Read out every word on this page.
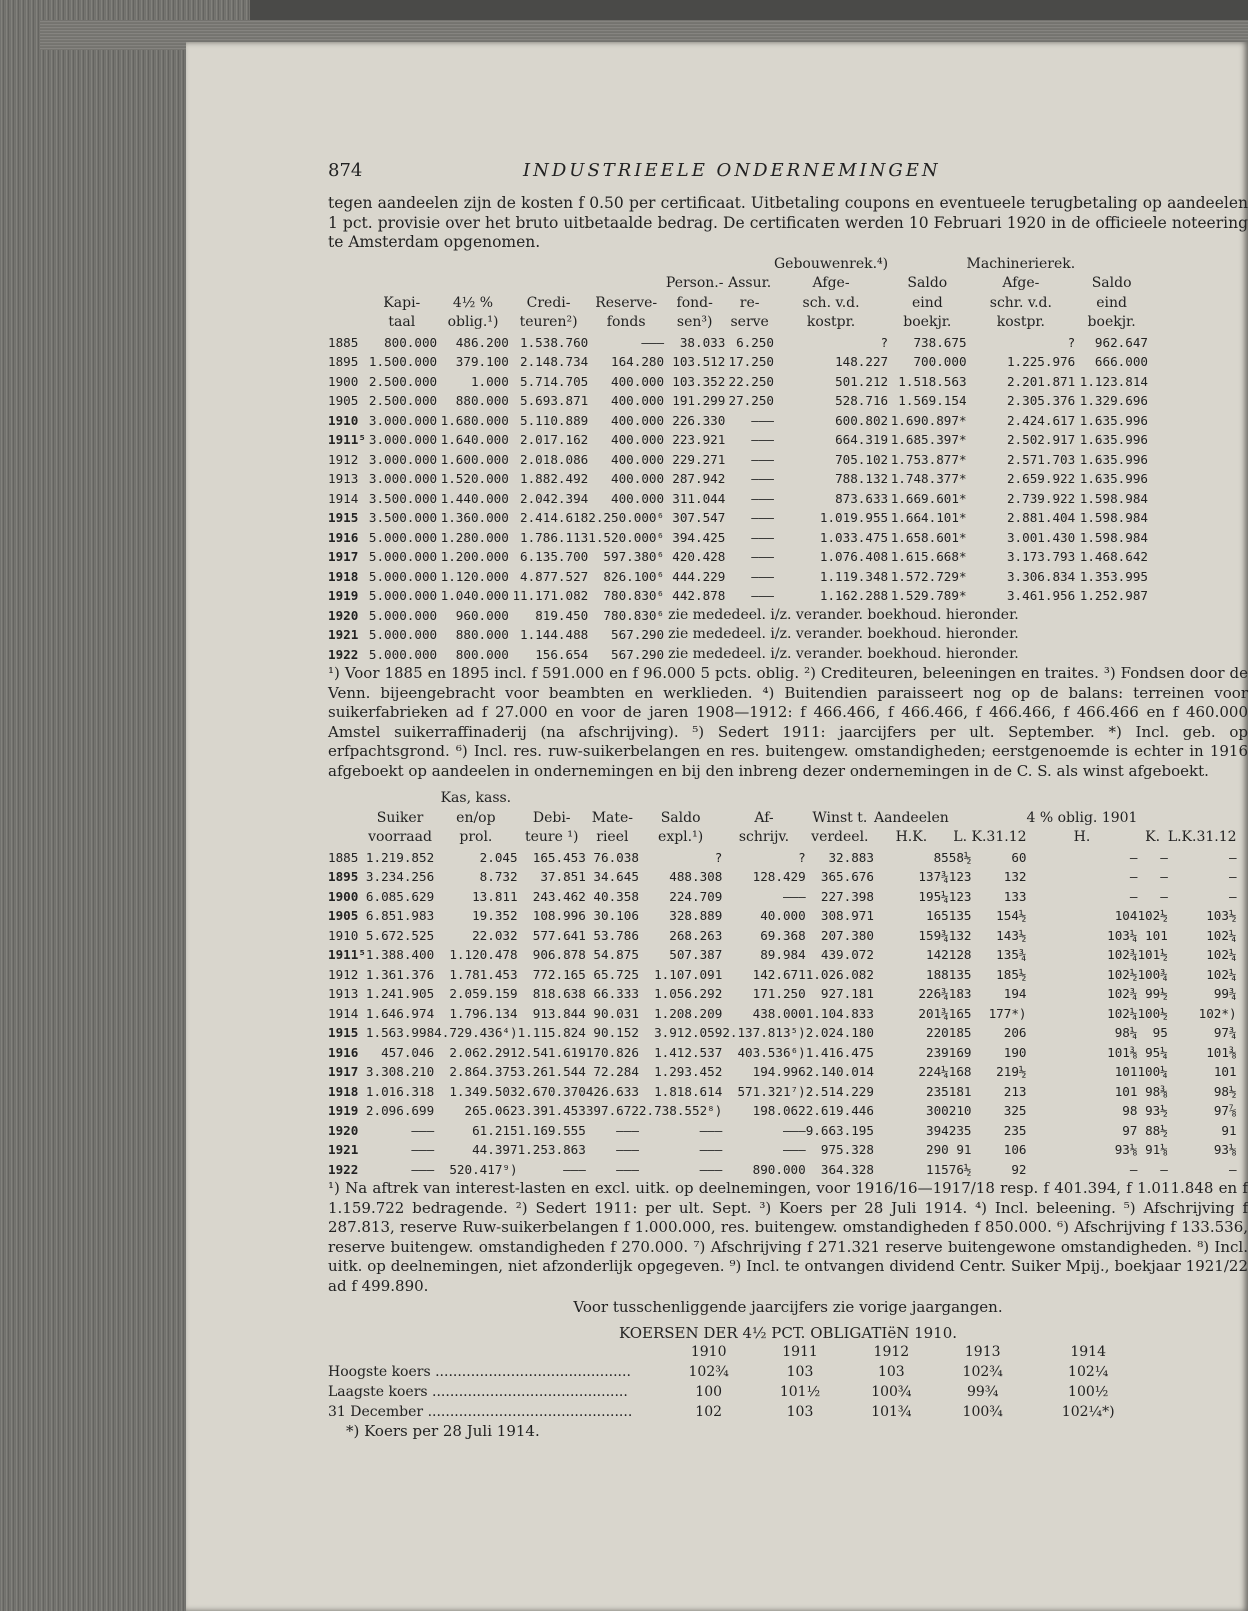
874	INDUSTRIEELE ONDERNEMINGEN

tegen aandeelen zijn de kosten f 0.50 per certificaat. Uitbetaling coupons en eventueele terugbetaling op aandeelen 1 pct. provisie over het bruto uitbetaalde bedrag. De certificaten werden 10 Februari 1920 in de officieele noteering te Amsterdam opgenomen.

							Gebouwenrek.⁴)		Machinerierek.	
					Person.-	Assur.	Afge-	Saldo	Afge-	Saldo
	Kapi-	4½ %	Credi-	Reserve-	fond-	re-	sch. v.d.	eind	schr. v.d.	eind
	taal	oblig.¹)	teuren²)	fonds	sen³)	serve	kostpr.	boekjr.	kostpr.	boekjr.
1885	800.000	486.200	1.538.760	———	38.033	6.250	?	738.675	?	962.647
1895	1.500.000	379.100	2.148.734	164.280	103.512	17.250	148.227	700.000	1.225.976	666.000
1900	2.500.000	1.000	5.714.705	400.000	103.352	22.250	501.212	1.518.563	2.201.871	1.123.814
1905	2.500.000	880.000	5.693.871	400.000	191.299	27.250	528.716	1.569.154	2.305.376	1.329.696
1910	3.000.000	1.680.000	5.110.889	400.000	226.330	———	600.802	1.690.897*	2.424.617	1.635.996
1911⁵	3.000.000	1.640.000	2.017.162	400.000	223.921	———	664.319	1.685.397*	2.502.917	1.635.996
1912	3.000.000	1.600.000	2.018.086	400.000	229.271	———	705.102	1.753.877*	2.571.703	1.635.996
1913	3.000.000	1.520.000	1.882.492	400.000	287.942	———	788.132	1.748.377*	2.659.922	1.635.996
1914	3.500.000	1.440.000	2.042.394	400.000	311.044	———	873.633	1.669.601*	2.739.922	1.598.984
1915	3.500.000	1.360.000	2.414.618	2.250.000⁶	307.547	———	1.019.955	1.664.101*	2.881.404	1.598.984
1916	5.000.000	1.280.000	1.786.113	1.520.000⁶	394.425	———	1.033.475	1.658.601*	3.001.430	1.598.984
1917	5.000.000	1.200.000	6.135.700	597.380⁶	420.428	———	1.076.408	1.615.668*	3.173.793	1.468.642
1918	5.000.000	1.120.000	4.877.527	826.100⁶	444.229	———	1.119.348	1.572.729*	3.306.834	1.353.995
1919	5.000.000	1.040.000	11.171.082	780.830⁶	442.878	———	1.162.288	1.529.789*	3.461.956	1.252.987
1920	5.000.000	960.000	819.450	780.830⁶	zie mededeel. i/z. verander. boekhoud. hieronder.					
1921	5.000.000	880.000	1.144.488	567.290	zie mededeel. i/z. verander. boekhoud. hieronder.					
1922	5.000.000	800.000	156.654	567.290	zie mededeel. i/z. verander. boekhoud. hieronder.					

¹) Voor 1885 en 1895 incl. f 591.000 en f 96.000 5 pcts. oblig. ²) Crediteuren, beleeningen en traites. ³) Fondsen door de Venn. bijeengebracht voor beambten en werklieden. ⁴) Buitendien paraisseert nog op de balans: terreinen voor suikerfabrieken ad f 27.000 en voor de jaren 1908—1912: f 466.466, f 466.466, f 466.466, f 466.466 en f 460.000 Amstel suikerraffinaderij (na afschrijving). ⁵) Sedert 1911: jaarcijfers per ult. September. *) Incl. geb. op erfpachtsgrond. ⁶) Incl. res. ruw-suikerbelangen en res. buitengew. omstandigheden; eerstgenoemde is echter in 1916 afgeboekt op aandeelen in ondernemingen en bij den inbreng dezer ondernemingen in de C. S. als winst afgeboekt.

		Kas, kass.											
	Suiker	en/op	Debi-	Mate-	Saldo	Af-	Winst t.	Aandeelen			4 % oblig. 1901		
	voorraad	prol.	teure ¹)	rieel	expl.¹)	schrijv.	verdeel.	H.K.	L.	K.31.12	H.	K.	L.K.31.12
1885	1.219.852	2.045	165.453	76.038	?	?	32.883	85	58½	60	—	—	—
1895	3.234.256	8.732	37.851	34.645	488.308	128.429	365.676	137¾	123	132	—	—	—
1900	6.085.629	13.811	243.462	40.358	224.709	———	227.398	195¼	123	133	—	—	—
1905	6.851.983	19.352	108.996	30.106	328.889	40.000	308.971	165	135	154½	104	102½	103½
1910	5.672.525	22.032	577.641	53.786	268.263	69.368	207.380	159¾	132	143½	103¼	101	102¼
1911⁵	1.388.400	1.120.478	906.878	54.875	507.387	89.984	439.072	142	128	135¾	102¾	101½	102¼
1912	1.361.376	1.781.453	772.165	65.725	1.107.091	142.671	1.026.082	188	135	185½	102½	100¾	102¼
1913	1.241.905	2.059.159	818.638	66.333	1.056.292	171.250	927.181	226¾	183	194	102¾	99½	99¾
1914	1.646.974	1.796.134	913.844	90.031	1.208.209	438.000	1.104.833	201¾	165	177*)	102¼	100½	102*)
1915	1.563.998	4.729.436⁴)	1.115.824	90.152	3.912.059	2.137.813⁵)	2.024.180	220	185	206	98¼	95	97¾
1916	457.046	2.062.291	2.541.619	170.826	1.412.537	403.536⁶)	1.416.475	239	169	190	101⅜	95¼	101⅜
1917	3.308.210	2.864.375	3.261.544	72.284	1.293.452	194.996	2.140.014	224¼	168	219½	101	100¼	101
1918	1.016.318	1.349.503	2.670.370	426.633	1.818.614	571.321⁷)	2.514.229	235	181	213	101	98⅜	98½
1919	2.096.699	265.062	3.391.453	397.672	2.738.552⁸)	198.062	2.619.446	300	210	325	98	93½	97⅞
1920	———	61.215	1.169.555	———	———	———	9.663.195	394	235	235	97	88½	91
1921	———	44.397	1.253.863	———	———	———	975.328	290	91	106	93⅛	91⅛	93⅛
1922	———	520.417⁹)	———	———	———	890.000	364.328	115	76½	92	—	—	—

¹) Na aftrek van interest-lasten en excl. uitk. op deelnemingen, voor 1916/16—1917/18 resp. f 401.394, f 1.011.848 en f 1.159.722 bedragende. ²) Sedert 1911: per ult. Sept. ³) Koers per 28 Juli 1914. ⁴) Incl. beleening. ⁵) Afschrijving f 287.813, reserve Ruw-suikerbelangen f 1.000.000, res. buitengew. omstandigheden f 850.000. ⁶) Afschrijving f 133.536, reserve buitengew. omstandigheden f 270.000. ⁷) Afschrijving f 271.321 reserve buitengewone omstandigheden. ⁸) Incl. uitk. op deelnemingen, niet afzonderlijk opgegeven. ⁹) Incl. te ontvangen dividend Centr. Suiker Mpij., boekjaar 1921/22 ad f 499.890.

Voor tusschenliggende jaarcijfers zie vorige jaargangen.

KOERSEN DER 4½ PCT. OBLIGATIëN 1910.

	1910	1911	1912	1913	1914
Hoogste koers ............................................	102¾	103	103	102¾	102¼
Laagste koers ............................................	100	101½	100¾	99¾	100½
31 December ..............................................	102	103	101¾	100¾	102¼*)

*) Koers per 28 Juli 1914.
